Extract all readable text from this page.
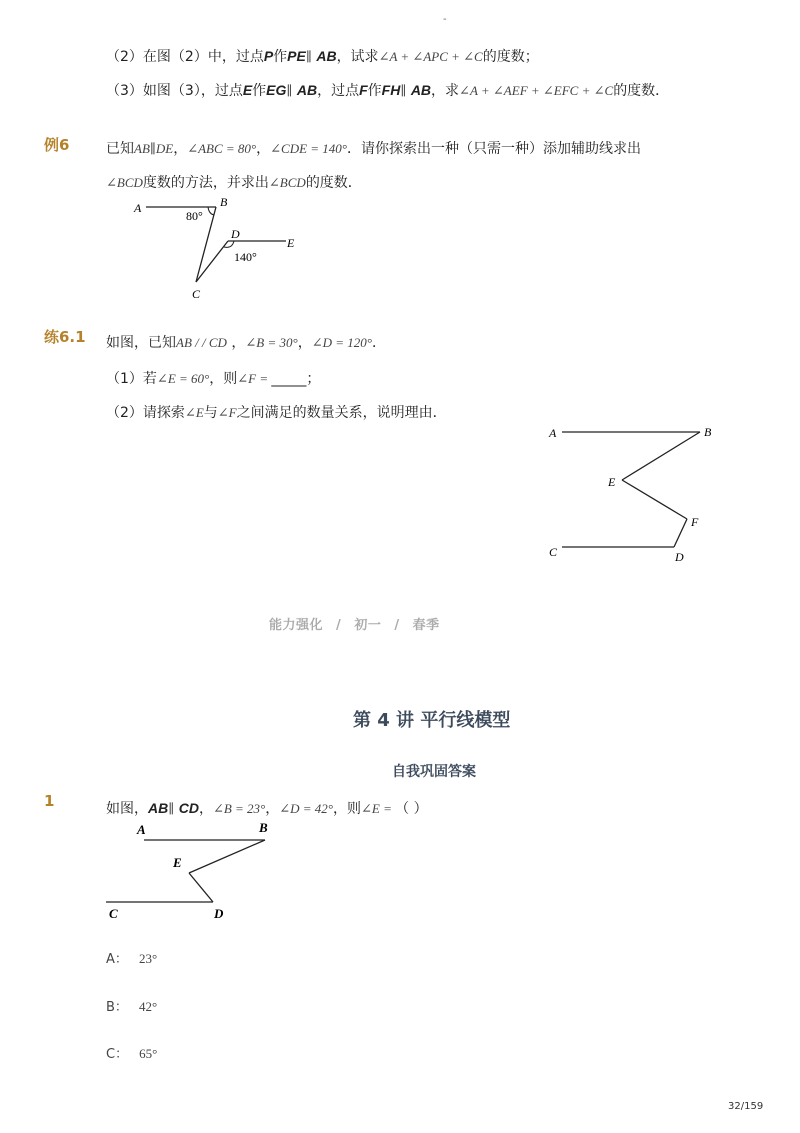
-
（2）在图（2）中，过点P作PE∥ AB，试求∠A + ∠APC + ∠C的度数；
（3）如图（3），过点E作EG∥ AB，过点F作FH∥ AB，求∠A + ∠AEF + ∠EFC + ∠C的度数．
例6	已知AB∥DE，∠ABC = 80°，∠CDE = 140°．请你探索出一种（只需一种）添加辅助线求出
∠BCD度数的方法，并求出∠BCD的度数．
A	B
C
D
E
80°
140°
练6.1 如图，已知AB / / CD ，∠B = 30°，∠D = 120°．
（1）若∠E = 60°，则∠F = _____；
（2）请探索∠E与∠F之间满足的数量关系，说明理由．
A	B
E
F
C	D
能力强化 / 初一 / 春季
第 4 讲 平行线模型
自我巩固答案
1	如图，AB∥ CD，∠B = 23°，∠D = 42°，则∠E = （ ）
A	B
E
C	D
A： 23°
B： 42°
C： 65°
32/159
